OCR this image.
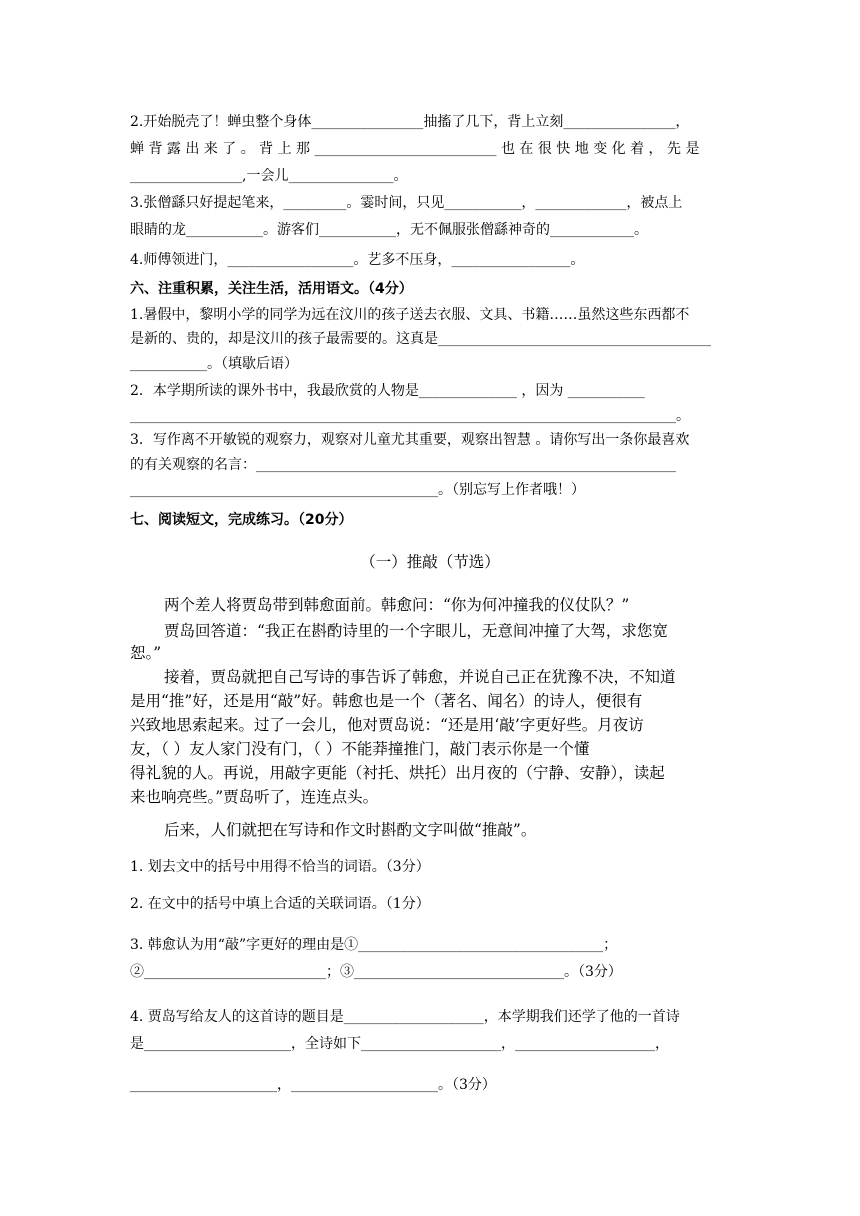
2.开始脱壳了！蝉虫整个身体________________抽搐了几下，背上立刻________________，
蝉 背 露 出 来 了 。 背 上 那 __________________________ 也 在 很 快 地 变 化 着 ， 先 是
________________,一会儿_______________。
3.张僧繇只好提起笔来，_________。霎时间，只见___________，_____________，被点上
眼睛的龙___________。游客们___________，无不佩服张僧繇神奇的____________。
4.师傅领进门，__________________。艺多不压身，_________________。
六、注重积累，关注生活，活用语文。（4分）
1.暑假中，黎明小学的同学为远在汶川的孩子送去衣服、文具、书籍……虽然这些东西都不
是新的、贵的，却是汶川的孩子最需要的。这真是_______________________________________
___________。（填歇后语）
2．本学期所读的课外书中，我最欣赏的人物是______________ ，因为 ___________
______________________________________________________________________________。
3．写作离不开敏锐的观察力，观察对儿童尤其重要，观察出智慧 。请你写出一条你最喜欢
的有关观察的名言：____________________________________________________________
____________________________________________。（别忘写上作者哦！）
七、阅读短文，完成练习。（20分）
（一）推敲（节选）
两个差人将贾岛带到韩愈面前。韩愈问：“你为何冲撞我的仪仗队？”
贾岛回答道：“我正在斟酌诗里的一个字眼儿，无意间冲撞了大驾，求您宽
恕。”
接着，贾岛就把自己写诗的事告诉了韩愈，并说自己正在犹豫不决，不知道
是用“推”好，还是用“敲”好。韩愈也是一个（著名、闻名）的诗人，便很有
兴致地思索起来。过了一会儿，他对贾岛说：“还是用‘敲’字更好些。月夜访
友，（ ）友人家门没有门，（ ）不能莽撞推门，敲门表示你是一个懂
得礼貌的人。再说，用敲字更能（衬托、烘托）出月夜的（宁静、安静），读起
来也响亮些。”贾岛听了，连连点头。
后来，人们就把在写诗和作文时斟酌文字叫做“推敲”。
1. 划去文中的括号中用得不恰当的词语。（3分）
2. 在文中的括号中填上合适的关联词语。（1分）
3. 韩愈认为用“敲”字更好的理由是①___________________________________；
②__________________________；③______________________________。（3分）
4. 贾岛写给友人的这首诗的题目是____________________，本学期我们还学了他的一首诗
是_____________________，全诗如下____________________，____________________，
_____________________，_____________________。（3分）
